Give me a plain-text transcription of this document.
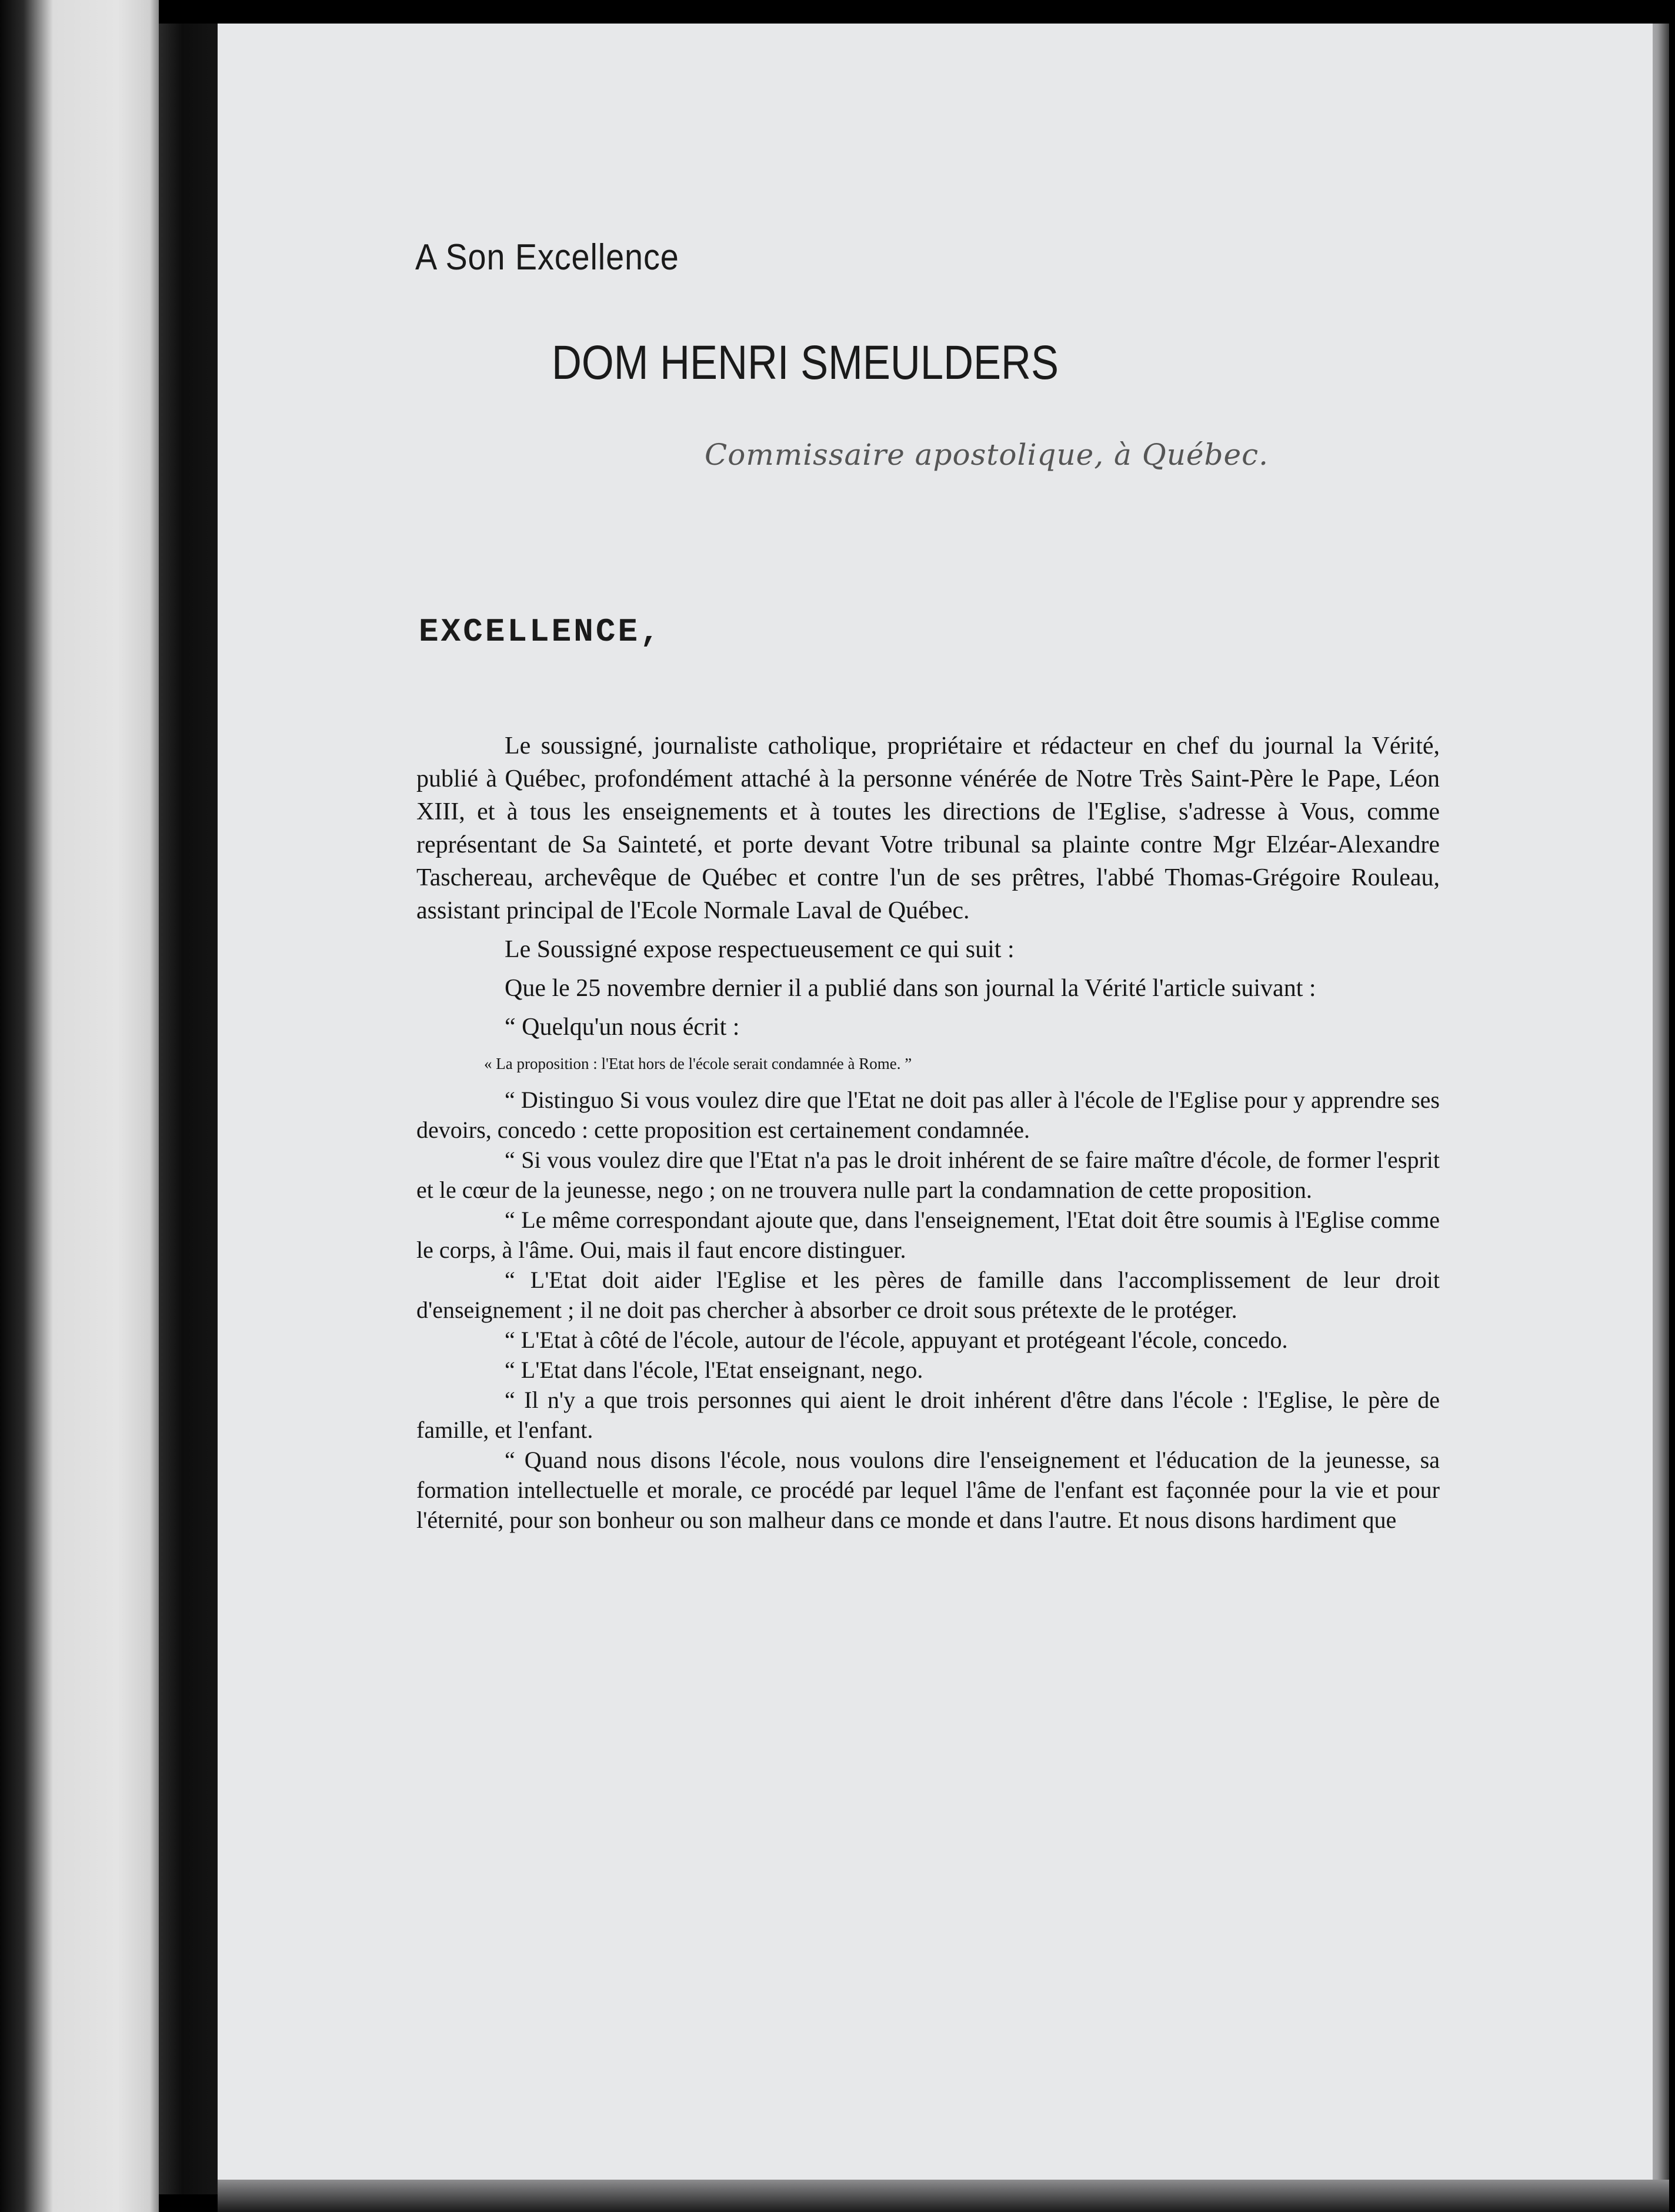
A Son Excellence
DOM HENRI SMEULDERS
Commissaire apostolique, à Québec.
EXCELLENCE,

Le soussigné, journaliste catholique, propriétaire et rédacteur en chef du journal la Vérité, publié à Québec, profondément attaché à la personne vénérée de Notre Très Saint-Père le Pape, Léon XIII, et à tous les enseignements et à toutes les directions de l'Eglise, s'adresse à Vous, comme représentant de Sa Sainteté, et porte devant Votre tribunal sa plainte contre Mgr Elzéar-Alexandre Taschereau, archevêque de Québec et contre l'un de ses prêtres, l'abbé Thomas-Grégoire Rouleau, assistant principal de l'Ecole Normale Laval de Québec.

Le Soussigné expose respectueusement ce qui suit :

Que le 25 novembre dernier il a publié dans son journal la Vérité l'article suivant :

“ Quelqu'un nous écrit :

« La proposition : l'Etat hors de l'école serait condamnée à Rome. ”

“ Distinguo Si vous voulez dire que l'Etat ne doit pas aller à l'école de l'Eglise pour y apprendre ses devoirs, concedo : cette proposition est certainement condamnée.

“ Si vous voulez dire que l'Etat n'a pas le droit inhérent de se faire maître d'école, de former l'esprit et le cœur de la jeunesse, nego ; on ne trouvera nulle part la condamnation de cette proposition.

“ Le même correspondant ajoute que, dans l'enseignement, l'Etat doit être soumis à l'Eglise comme le corps, à l'âme. Oui, mais il faut encore distinguer.

“ L'Etat doit aider l'Eglise et les pères de famille dans l'accomplissement de leur droit d'enseignement ; il ne doit pas chercher à absorber ce droit sous prétexte de le protéger.

“ L'Etat à côté de l'école, autour de l'école, appuyant et protégeant l'école, concedo.

“ L'Etat dans l'école, l'Etat enseignant, nego.

“ Il n'y a que trois personnes qui aient le droit inhérent d'être dans l'école : l'Eglise, le père de famille, et l'enfant.

“ Quand nous disons l'école, nous voulons dire l'enseignement et l'éducation de la jeunesse, sa formation intellectuelle et morale, ce procédé par lequel l'âme de l'enfant est façonnée pour la vie et pour l'éternité, pour son bonheur ou son malheur dans ce monde et dans l'autre. Et nous disons hardiment que
